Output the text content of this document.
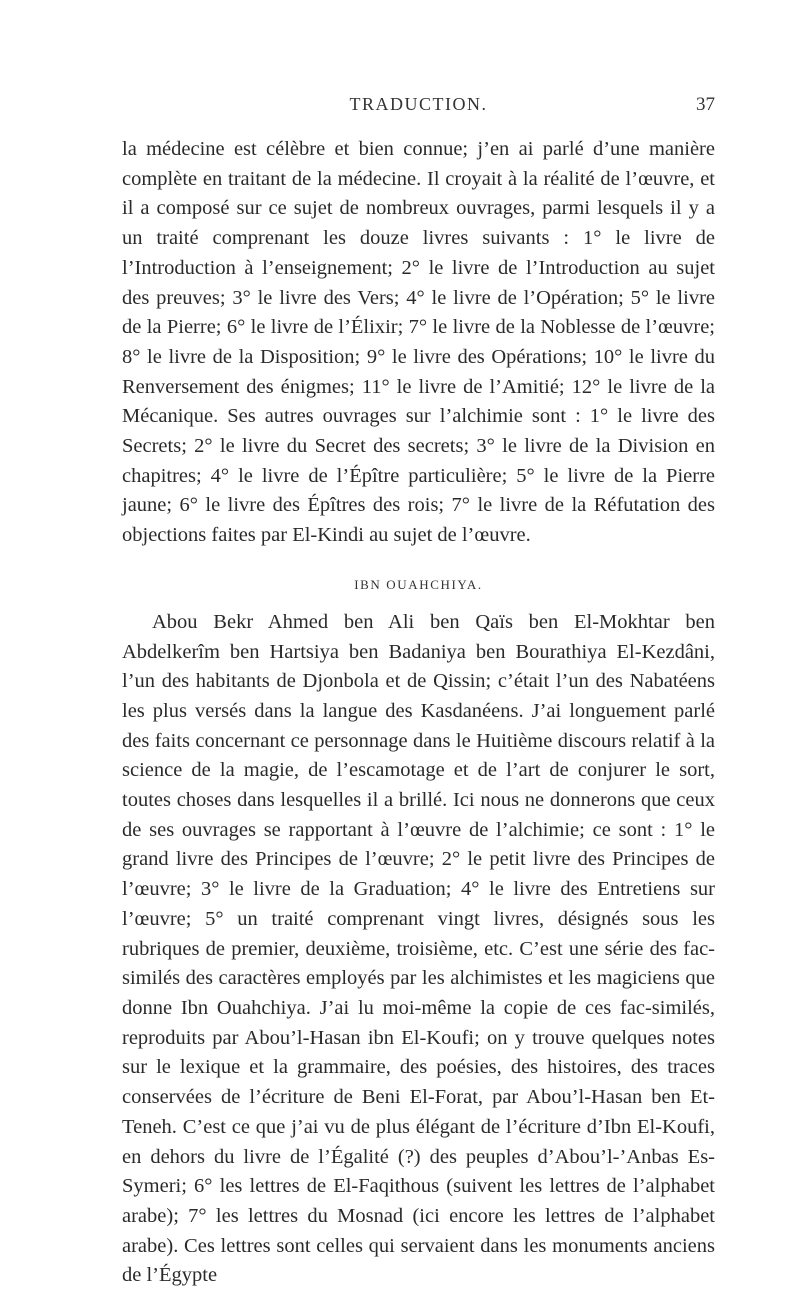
TRADUCTION.	37

la médecine est célèbre et bien connue; j’en ai parlé d’une manière complète en traitant de la médecine. Il croyait à la réalité de l’œuvre, et il a composé sur ce sujet de nombreux ouvrages, parmi lesquels il y a un traité comprenant les douze livres suivants : 1° le livre de l’Introduction à l’enseignement; 2° le livre de l’Introduction au sujet des preuves; 3° le livre des Vers; 4° le livre de l’Opération; 5° le livre de la Pierre; 6° le livre de l’Élixir; 7° le livre de la Noblesse de l’œuvre; 8° le livre de la Disposition; 9° le livre des Opérations; 10° le livre du Renversement des énigmes; 11° le livre de l’Amitié; 12° le livre de la Mécanique. Ses autres ouvrages sur l’alchimie sont : 1° le livre des Secrets; 2° le livre du Secret des secrets; 3° le livre de la Division en chapitres; 4° le livre de l’Épître particulière; 5° le livre de la Pierre jaune; 6° le livre des Épîtres des rois; 7° le livre de la Réfutation des objections faites par El-Kindi au sujet de l’œuvre.

IBN OUAHCHIYA.

Abou Bekr Ahmed ben Ali ben Qaïs ben El-Mokhtar ben Abdelkerîm ben Hartsiya ben Badaniya ben Bourathiya El-Kezdâni, l’un des habitants de Djonbola et de Qissin; c’était l’un des Nabatéens les plus versés dans la langue des Kasdanéens. J’ai longuement parlé des faits concernant ce personnage dans le Huitième discours relatif à la science de la magie, de l’escamotage et de l’art de conjurer le sort, toutes choses dans lesquelles il a brillé. Ici nous ne donnerons que ceux de ses ouvrages se rapportant à l’œuvre de l’alchimie; ce sont : 1° le grand livre des Principes de l’œuvre; 2° le petit livre des Principes de l’œuvre; 3° le livre de la Graduation; 4° le livre des Entretiens sur l’œuvre; 5° un traité comprenant vingt livres, désignés sous les rubriques de premier, deuxième, troisième, etc. C’est une série des fac-similés des caractères employés par les alchimistes et les magiciens que donne Ibn Ouahchiya. J’ai lu moi-même la copie de ces fac-similés, reproduits par Abou’l-Hasan ibn El-Koufi; on y trouve quelques notes sur le lexique et la grammaire, des poésies, des histoires, des traces conservées de l’écriture de Beni El-Forat, par Abou’l-Hasan ben Et-Teneh. C’est ce que j’ai vu de plus élégant de l’écriture d’Ibn El-Koufi, en dehors du livre de l’Égalité (?) des peuples d’Abou’l-’Anbas Es-Symeri; 6° les lettres de El-Faqithous (suivent les lettres de l’alphabet arabe); 7° les lettres du Mosnad (ici encore les lettres de l’alphabet arabe). Ces lettres sont celles qui servaient dans les monuments anciens de l’Égypte
